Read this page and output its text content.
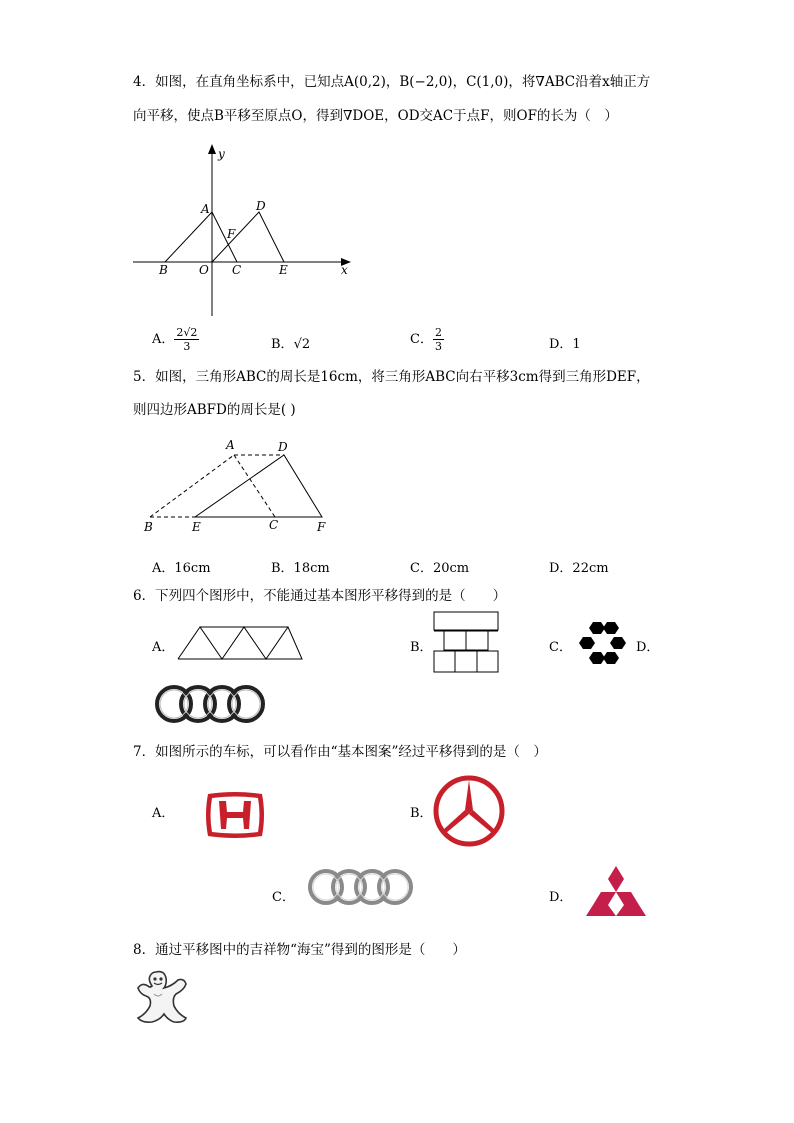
4．如图，在直角坐标系中，已知点A(0,2)，B(−2,0)，C(1,0)，将∇ABC沿着x轴正方
向平移，使点B平移至原点O，得到∇DOE，OD交AC于点F，则OF的长为（　）
y
x
A	D
F
B	O C	E
A． $\frac{2√2}{3}$	B．√2	C． $\frac{2}{3}$	D．1
5．如图，三角形ABC的周长是16cm，将三角形ABC向右平移3cm得到三角形DEF，
则四边形ABFD的周长是( )
A	D
B	E	C	F
A．16cm	B．18cm	C．20cm	D．22cm
6．下列四个图形中，不能通过基本图形平移得到的是（　　）
A．	B．	C．	D．
7．如图所示的车标，可以看作由“基本图案”经过平移得到的是（　）
A．	B．
C．	D．
8．通过平移图中的吉祥物“海宝”得到的图形是（　　）
